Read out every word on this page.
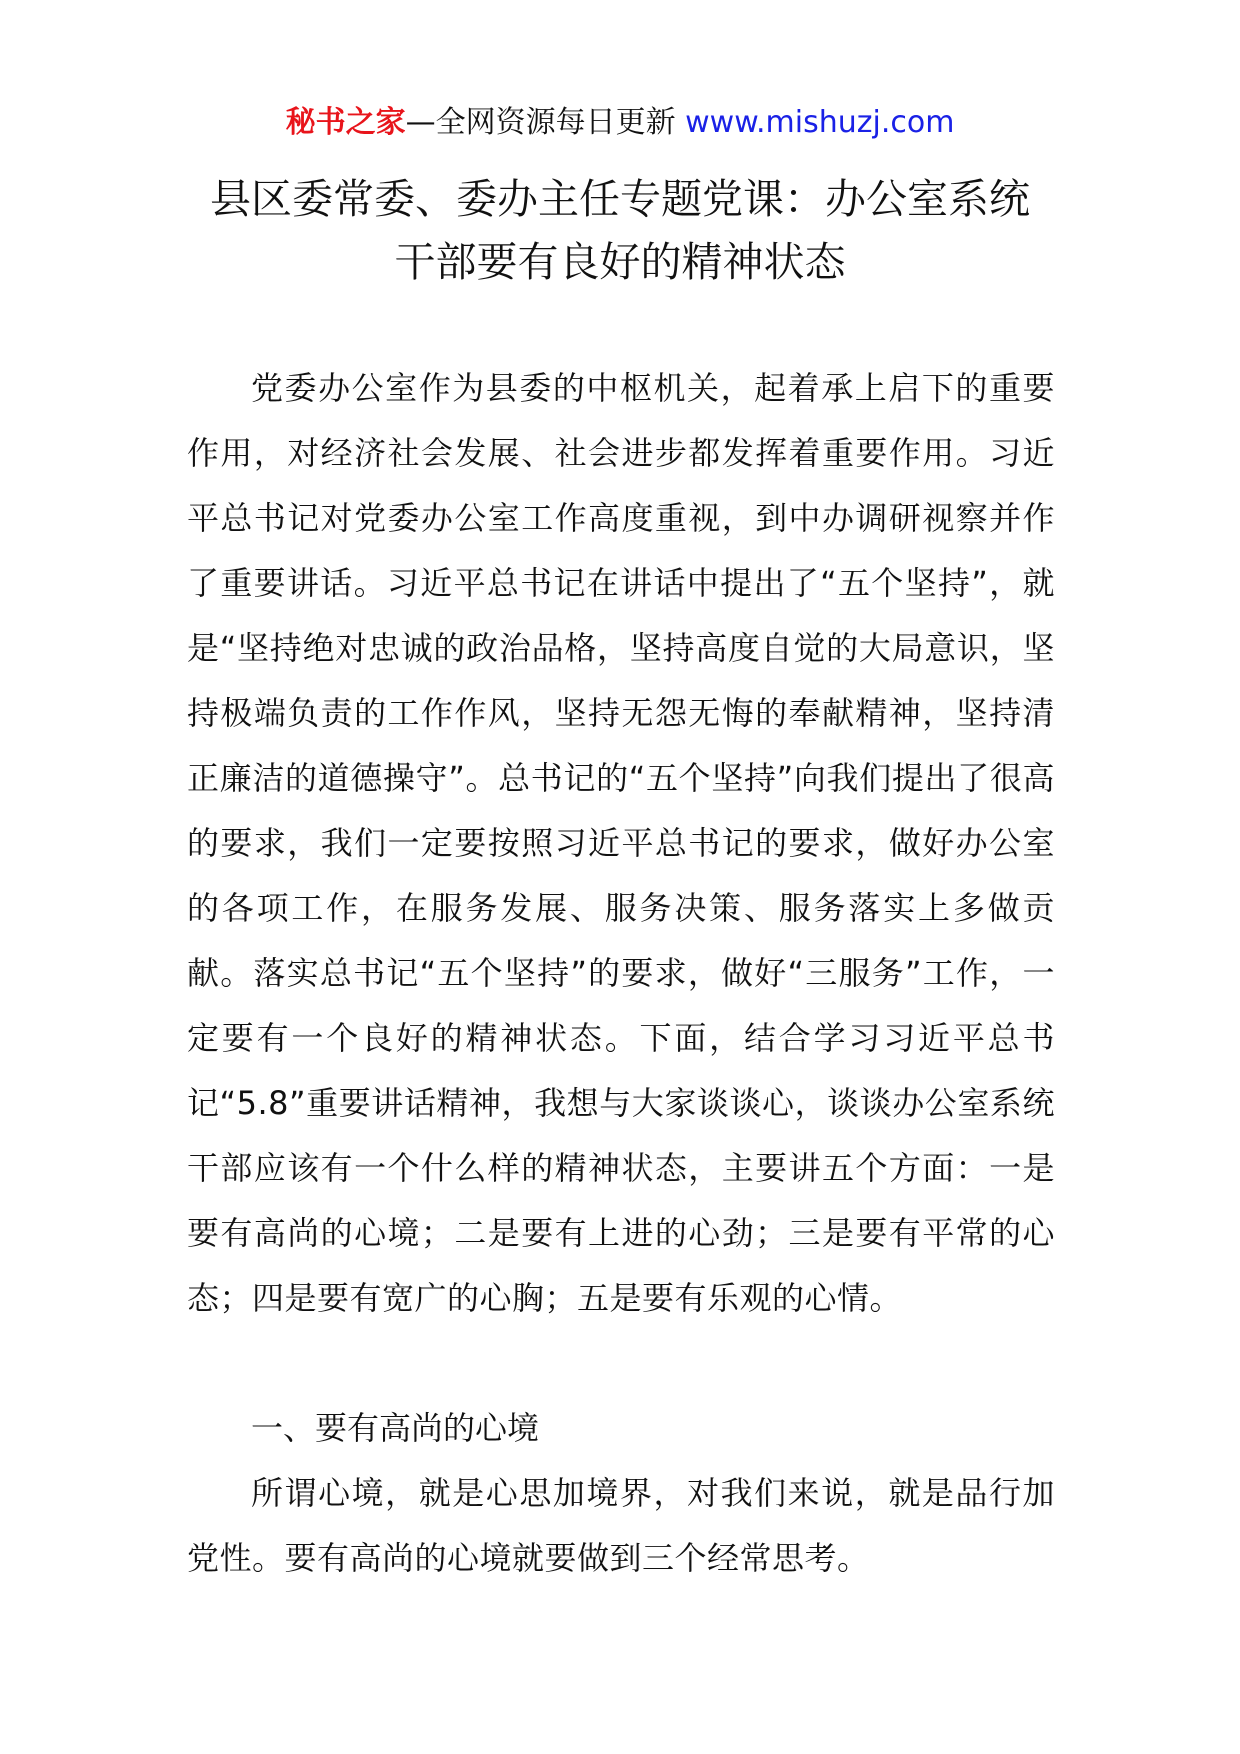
秘书之家—全网资源每日更新 www.mishuzj.com
县区委常委、委办主任专题党课：办公室系统
干部要有良好的精神状态

党委办公室作为县委的中枢机关，起着承上启下的重要作用，对经济社会发展、社会进步都发挥着重要作用。习近平总书记对党委办公室工作高度重视，到中办调研视察并作了重要讲话。习近平总书记在讲话中提出了“五个坚持”，就是“坚持绝对忠诚的政治品格，坚持高度自觉的大局意识，坚持极端负责的工作作风，坚持无怨无悔的奉献精神，坚持清正廉洁的道德操守”。总书记的“五个坚持”向我们提出了很高的要求，我们一定要按照习近平总书记的要求，做好办公室的各项工作，在服务发展、服务决策、服务落实上多做贡献。落实总书记“五个坚持”的要求，做好“三服务”工作，一定要有一个良好的精神状态。下面，结合学习习近平总书记“5.8”重要讲话精神，我想与大家谈谈心，谈谈办公室系统干部应该有一个什么样的精神状态，主要讲五个方面：一是要有高尚的心境；二是要有上进的心劲；三是要有平常的心态；四是要有宽广的心胸；五是要有乐观的心情。

一、要有高尚的心境

所谓心境，就是心思加境界，对我们来说，就是品行加党性。要有高尚的心境就要做到三个经常思考。
